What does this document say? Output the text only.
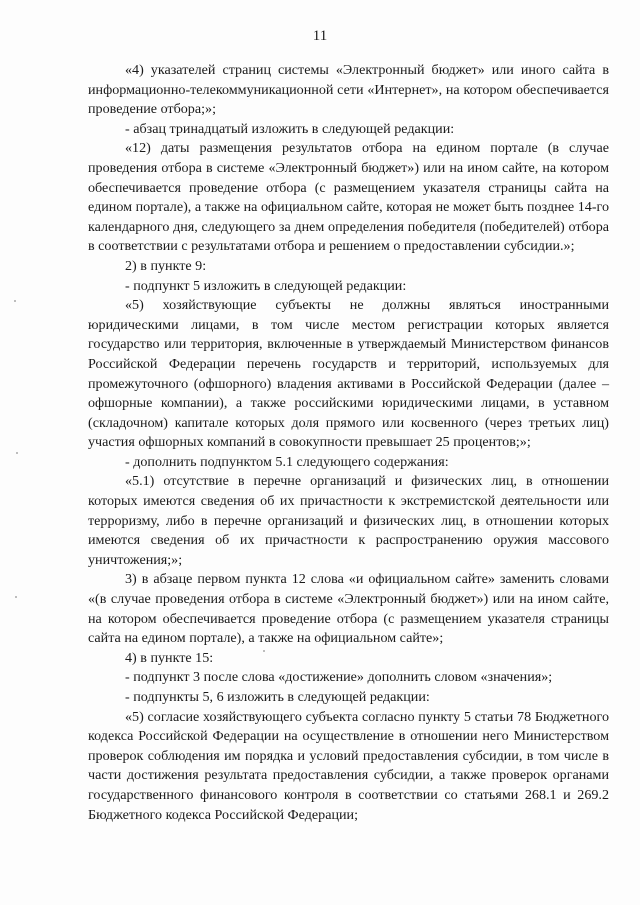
11

«4) указателей страниц системы «Электронный бюджет» или иного сайта в информационно-телекоммуникационной сети «Интернет», на котором обеспечивается проведение отбора;»;

- абзац тринадцатый изложить в следующей редакции:

«12) даты размещения результатов отбора на едином портале (в случае проведения отбора в системе «Электронный бюджет») или на ином сайте, на котором обеспечивается проведение отбора (с размещением указателя страницы сайта на едином портале), а также на официальном сайте, которая не может быть позднее 14-го календарного дня, следующего за днем определения победителя (победителей) отбора в соответствии с результатами отбора и решением о предоставлении субсидии.»;

2) в пункте 9:

- подпункт 5 изложить в следующей редакции:

«5) хозяйствующие субъекты не должны являться иностранными юридическими лицами, в том числе местом регистрации которых является государство или территория, включенные в утверждаемый Министерством финансов Российской Федерации перечень государств и территорий, используемых для промежуточного (офшорного) владения активами в Российской Федерации (далее – офшорные компании), а также российскими юридическими лицами, в уставном (складочном) капитале которых доля прямого или косвенного (через третьих лиц) участия офшорных компаний в совокупности превышает 25 процентов;»;

- дополнить подпунктом 5.1 следующего содержания:

«5.1) отсутствие в перечне организаций и физических лиц, в отношении которых имеются сведения об их причастности к экстремистской деятельности или терроризму, либо в перечне организаций и физических лиц, в отношении которых имеются сведения об их причастности к распространению оружия массового уничтожения;»;

3) в абзаце первом пункта 12 слова «и официальном сайте» заменить словами «(в случае проведения отбора в системе «Электронный бюджет») или на ином сайте, на котором обеспечивается проведение отбора (с размещением указателя страницы сайта на едином портале), а также на официальном сайте»;

4) в пункте 15:

- подпункт 3 после слова «достижение» дополнить словом «значения»;

- подпункты 5, 6 изложить в следующей редакции:

«5) согласие хозяйствующего субъекта согласно пункту 5 статьи 78 Бюджетного кодекса Российской Федерации на осуществление в отношении него Министерством проверок соблюдения им порядка и условий предоставления субсидии, в том числе в части достижения результата предоставления субсидии, а также проверок органами государственного финансового контроля в соответствии со статьями 268.1 и 269.2 Бюджетного кодекса Российской Федерации;
